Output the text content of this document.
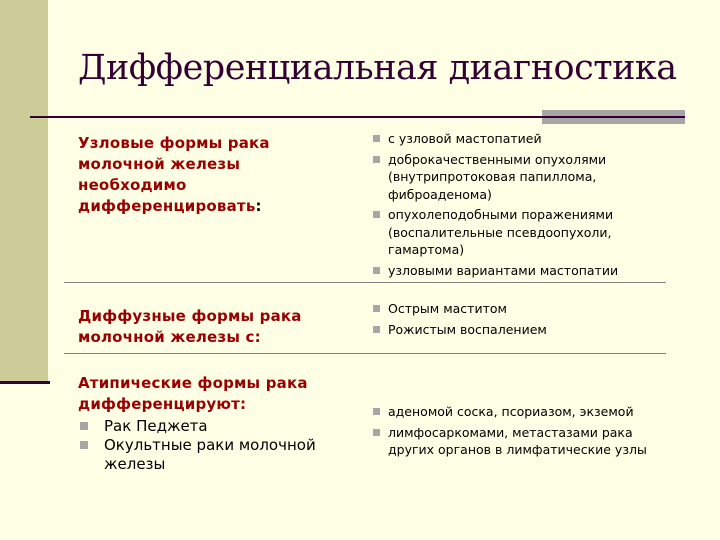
Дифференциальная диагностика
Узловые формы рака молочной железы необходимо дифференцировать:
с узловой мастопатией
доброкачественными опухолями (внутрипротоковая папиллома, фиброаденома)
опухолеподобными поражениями (воспалительные псевдоопухоли, гамартома)
узловыми вариантами мастопатии
Диффузные формы рака молочной железы с:
Острым маститом
Рожистым воспалением
Атипические формы рака дифференцируют:
Рак Педжета
Окультные раки молочной железы
аденомой соска, псориазом, экземой
лимфосаркомами, метастазами рака других органов в лимфатические узлы
